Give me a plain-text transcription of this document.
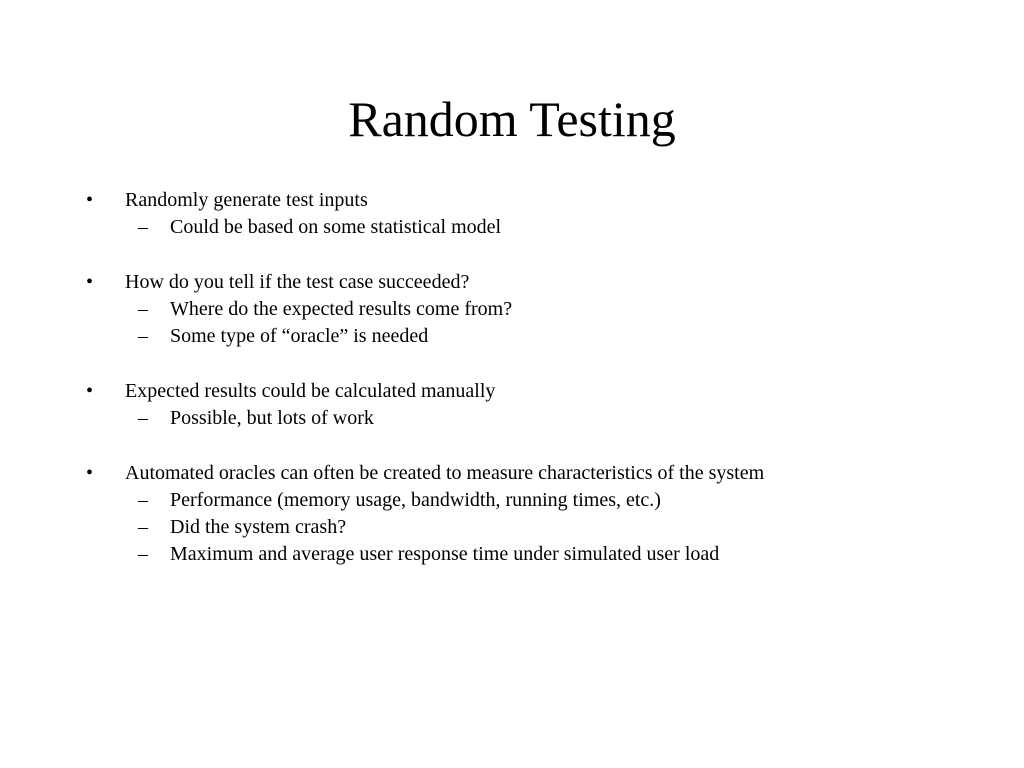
Random Testing
• Randomly generate test inputs
– Could be based on some statistical model
• How do you tell if the test case succeeded?
– Where do the expected results come from?
– Some type of “oracle” is needed
• Expected results could be calculated manually
– Possible, but lots of work
• Automated oracles can often be created to measure characteristics of the system
– Performance (memory usage, bandwidth, running times, etc.)
– Did the system crash?
– Maximum and average user response time under simulated user load
